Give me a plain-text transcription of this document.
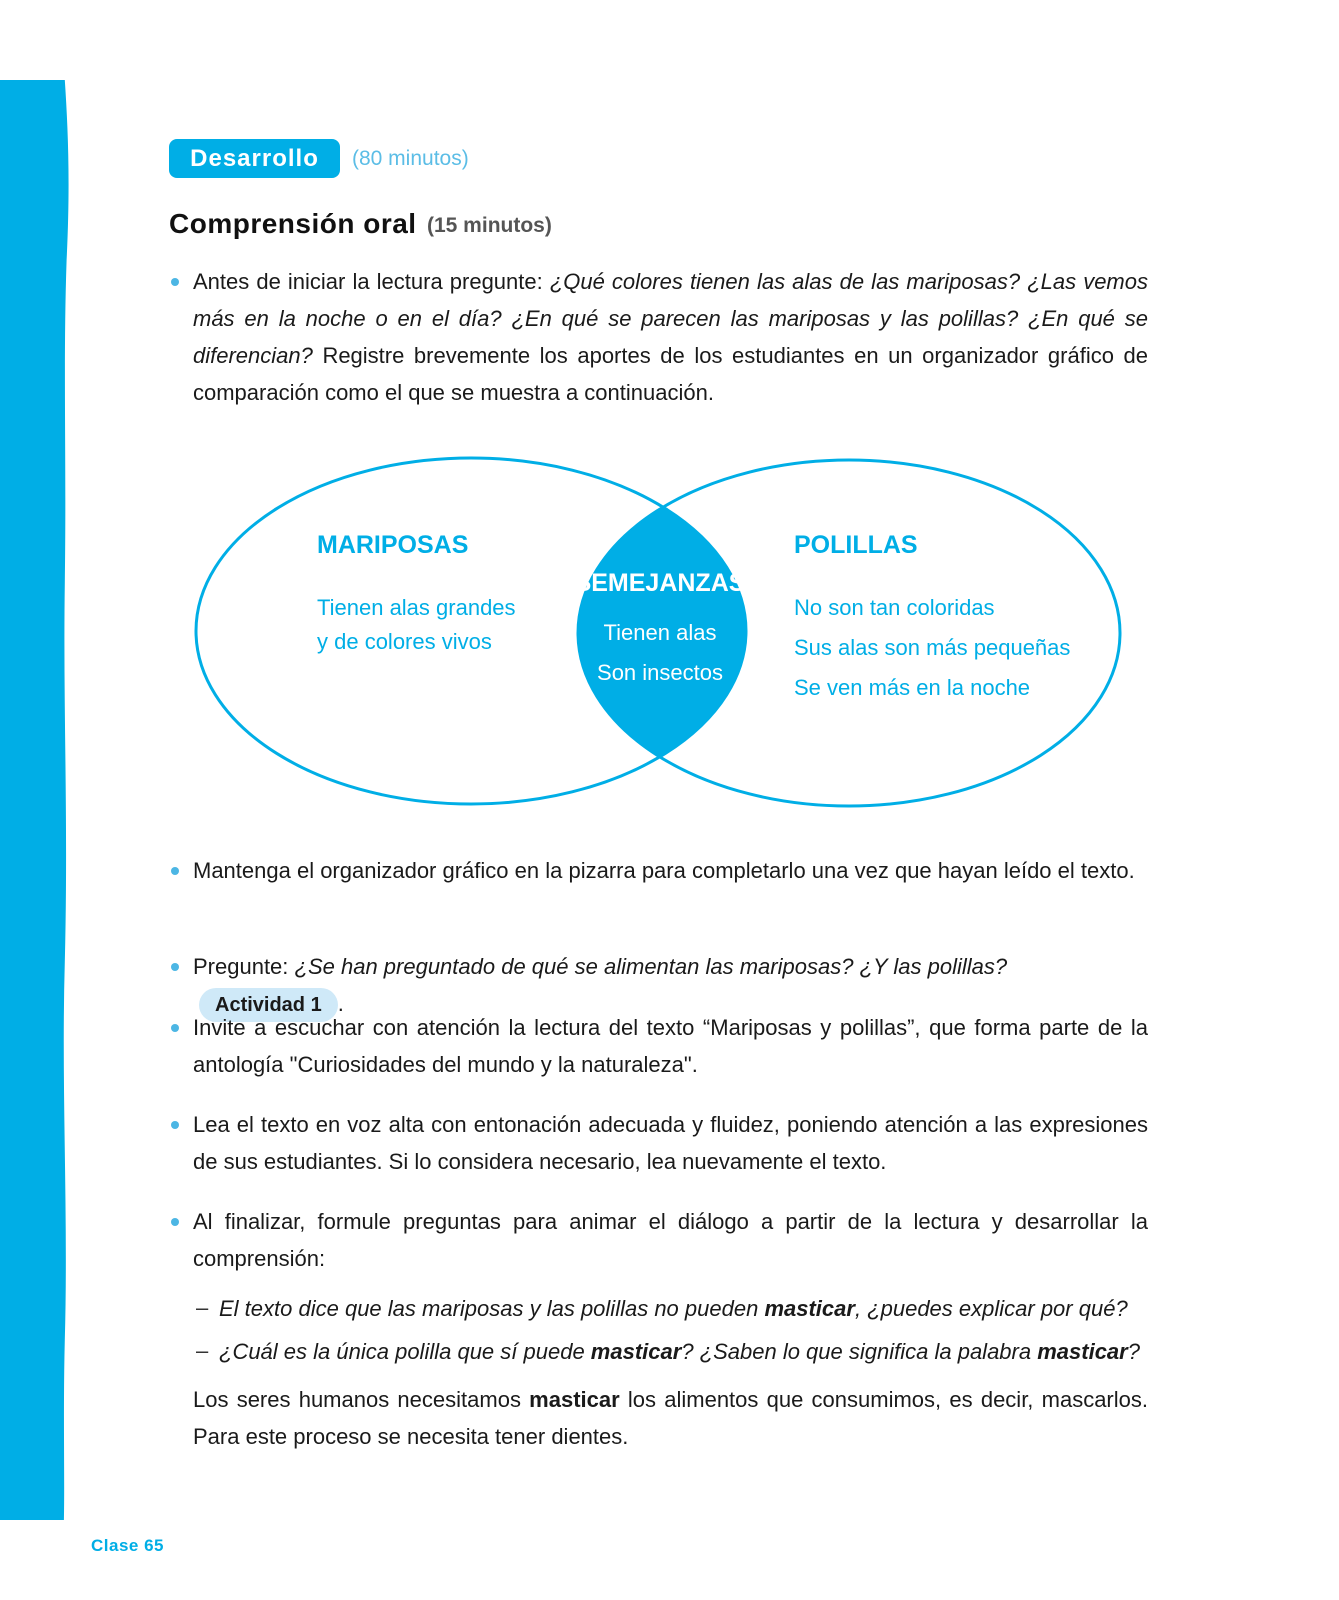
280 Clase 65
Desarrollo	(80 minutos)
Comprensión oral (15 minutos)
Antes de iniciar la lectura pregunte: ¿Qué colores tienen las alas de las mariposas? ¿Las vemos más en la noche o en el día? ¿En qué se parecen las mariposas y las polillas? ¿En qué se diferencian? Registre brevemente los aportes de los estudiantes en un organizador gráfico de comparación como el que se muestra a continuación.
MARIPOSAS
Tienen alas grandes
y de colores vivos
SEMEJANZAS
Tienen alas
Son insectos
POLILLAS
No son tan coloridas
Sus alas son más pequeñas
Se ven más en la noche
Mantenga el organizador gráfico en la pizarra para completarlo una vez que hayan leído el texto.
Pregunte: ¿Se han preguntado de qué se alimentan las mariposas? ¿Y las polillas?Actividad 1 .
Invite a escuchar con atención la lectura del texto “Mariposas y polillas”, que forma parte de la antología "Curiosidades del mundo y la naturaleza".
Lea el texto en voz alta con entonación adecuada y fluidez, poniendo atención a las expresiones de sus estudiantes. Si lo considera necesario, lea nuevamente el texto.
Al finalizar, formule preguntas para animar el diálogo a partir de la lectura y desarrollar la comprensión:
– El texto dice que las mariposas y las polillas no pueden masticar, ¿puedes explicar por qué?
– ¿Cuál es la única polilla que sí puede masticar? ¿Saben lo que significa la palabra masticar?
Los seres humanos necesitamos masticar los alimentos que consumimos, es decir, mascarlos. Para este proceso se necesita tener dientes.
